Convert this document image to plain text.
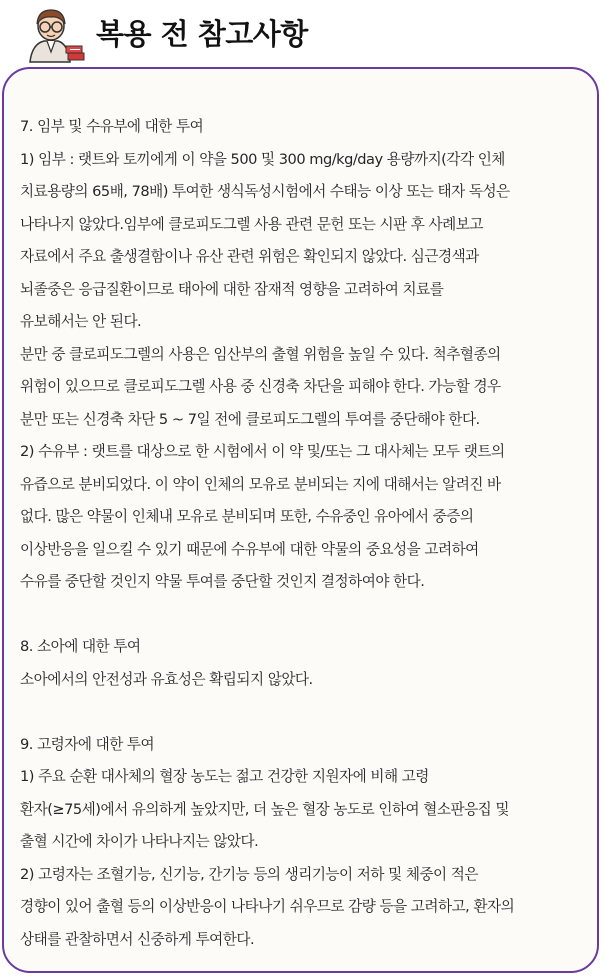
복용 전 참고사항
7. 임부 및 수유부에 대한 투여
1) 임부 : 랫트와 토끼에게 이 약을 500 및 300 mg/kg/day 용량까지(각각 인체
치료용량의 65배, 78배) 투여한 생식독성시험에서 수태능 이상 또는 태자 독성은
나타나지 않았다.임부에 클로피도그렐 사용 관련 문헌 또는 시판 후 사례보고
자료에서 주요 출생결함이나 유산 관련 위험은 확인되지 않았다. 심근경색과
뇌졸중은 응급질환이므로 태아에 대한 잠재적 영향을 고려하여 치료를
유보해서는 안 된다.
분만 중 클로피도그렐의 사용은 임산부의 출혈 위험을 높일 수 있다. 척추혈종의
위험이 있으므로 클로피도그렐 사용 중 신경축 차단을 피해야 한다. 가능할 경우
분만 또는 신경축 차단 5 ~ 7일 전에 클로피도그렐의 투여를 중단해야 한다.
2) 수유부 : 랫트를 대상으로 한 시험에서 이 약 및/또는 그 대사체는 모두 랫트의
유즙으로 분비되었다. 이 약이 인체의 모유로 분비되는 지에 대해서는 알려진 바
없다. 많은 약물이 인체내 모유로 분비되며 또한, 수유중인 유아에서 중증의
이상반응을 일으킬 수 있기 때문에 수유부에 대한 약물의 중요성을 고려하여
수유를 중단할 것인지 약물 투여를 중단할 것인지 결정하여야 한다.
8. 소아에 대한 투여
소아에서의 안전성과 유효성은 확립되지 않았다.
9. 고령자에 대한 투여
1) 주요 순환 대사체의 혈장 농도는 젊고 건강한 지원자에 비해 고령
환자(≥75세)에서 유의하게 높았지만, 더 높은 혈장 농도로 인하여 혈소판응집 및
출혈 시간에 차이가 나타나지는 않았다.
2) 고령자는 조혈기능, 신기능, 간기능 등의 생리기능이 저하 및 체중이 적은
경향이 있어 출혈 등의 이상반응이 나타나기 쉬우므로 감량 등을 고려하고, 환자의
상태를 관찰하면서 신중하게 투여한다.
